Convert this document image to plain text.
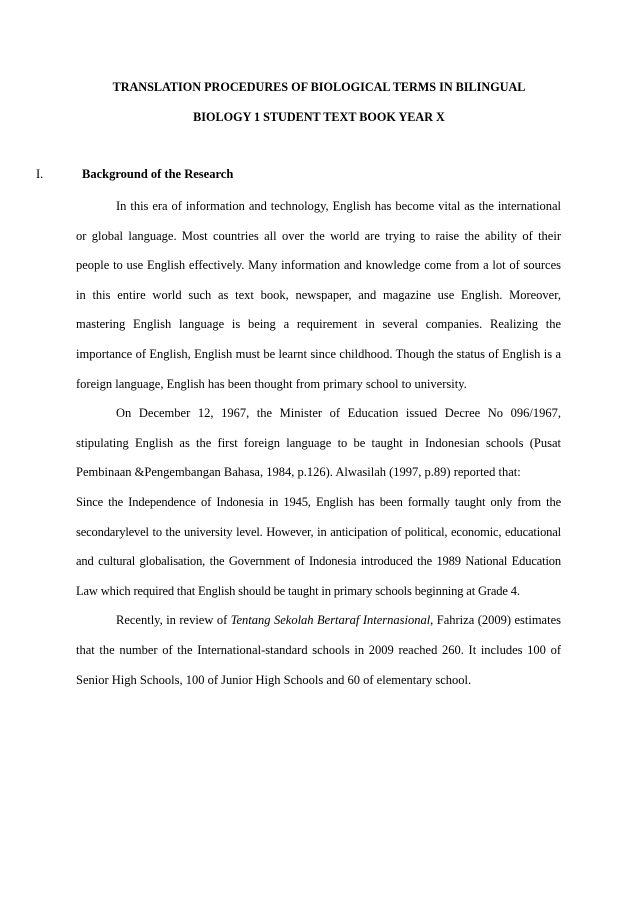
TRANSLATION PROCEDURES OF BIOLOGICAL TERMS IN BILINGUAL
BIOLOGY 1 STUDENT TEXT BOOK YEAR X
I.	Background of the Research

In this era of information and technology, English has become vital as the international or global language. Most countries all over the world are trying to raise the ability of their people to use English effectively. Many information and knowledge come from a lot of sources in this entire world such as text book, newspaper, and magazine use English. Moreover, mastering English language is being a requirement in several companies. Realizing the importance of English, English must be learnt since childhood. Though the status of English is a foreign language, English has been thought from primary school to university.

On December 12, 1967, the Minister of Education issued Decree No 096/1967, stipulating English as the first foreign language to be taught in Indonesian schools (Pusat Pembinaan &Pengembangan Bahasa, 1984, p.126). Alwasilah (1997, p.89) reported that:

Since the Independence of Indonesia in 1945, English has been formally taught only from the secondarylevel to the university level. However, in anticipation of political, economic, educational and cultural globalisation, the Government of Indonesia introduced the 1989 National Education Law which required that English should be taught in primary schools beginning at Grade 4.

Recently, in review of Tentang Sekolah Bertaraf Internasional, Fahriza (2009) estimates that the number of the International-standard schools in 2009 reached 260. It includes 100 of Senior High Schools, 100 of Junior High Schools and 60 of elementary school.
